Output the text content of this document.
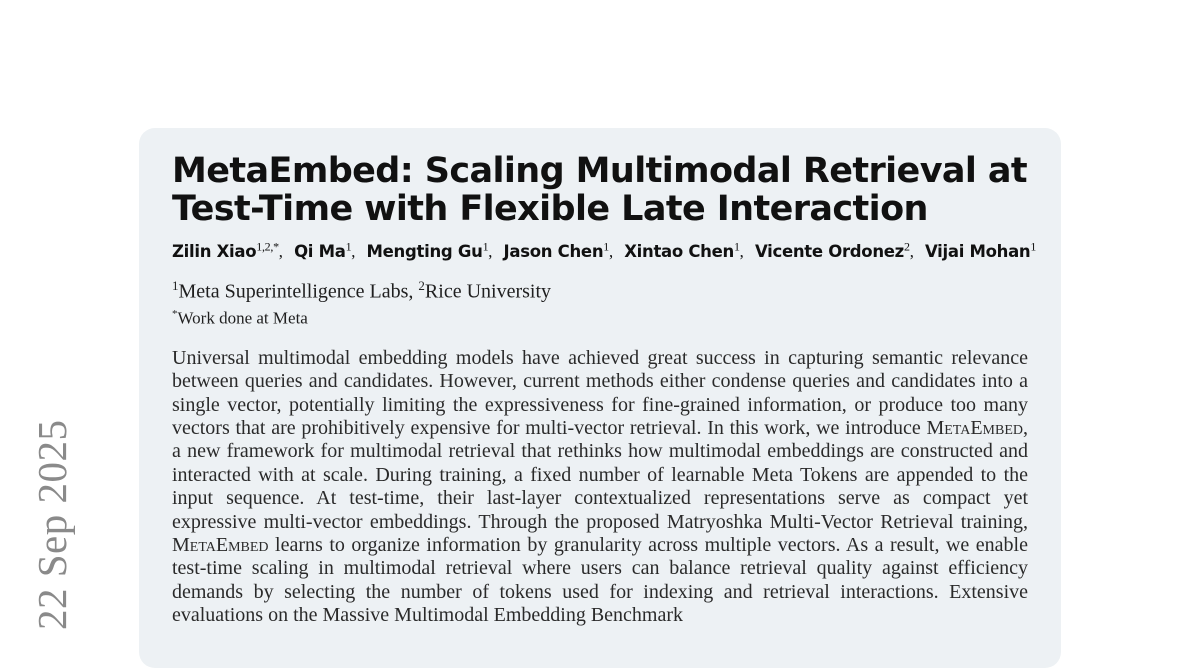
22 Sep 2025
MetaEmbed: Scaling Multimodal Retrieval at
Test-Time with Flexible Late Interaction
Zilin Xiao$^{1,2,*}$, Qi Ma$^1$, Mengting Gu$^1$, Jason Chen$^1$, Xintao Chen$^1$, Vicente Ordonez$^2$, Vijai Mohan$^1$
$^1$Meta Superintelligence Labs, $^2$Rice University
*Work done at Meta

Universal multimodal embedding models have achieved great success in capturing semantic relevance between queries and candidates. However, current methods either condense queries and candidates into a single vector, potentially limiting the expressiveness for fine-grained information, or produce too many vectors that are prohibitively expensive for multi-vector retrieval. In this work, we introduce MetaEmbed, a new framework for multimodal retrieval that rethinks how multimodal embeddings are constructed and interacted with at scale. During training, a fixed number of learnable Meta Tokens are appended to the input sequence. At test-time, their last-layer contextualized representations serve as compact yet expressive multi-vector embeddings. Through the proposed Matryoshka Multi-Vector Retrieval training, MetaEmbed learns to organize information by granularity across multiple vectors. As a result, we enable test-time scaling in multimodal retrieval where users can balance retrieval quality against efficiency demands by selecting the number of tokens used for indexing and retrieval interactions. Extensive evaluations on the Massive Multimodal Embedding Benchmark
